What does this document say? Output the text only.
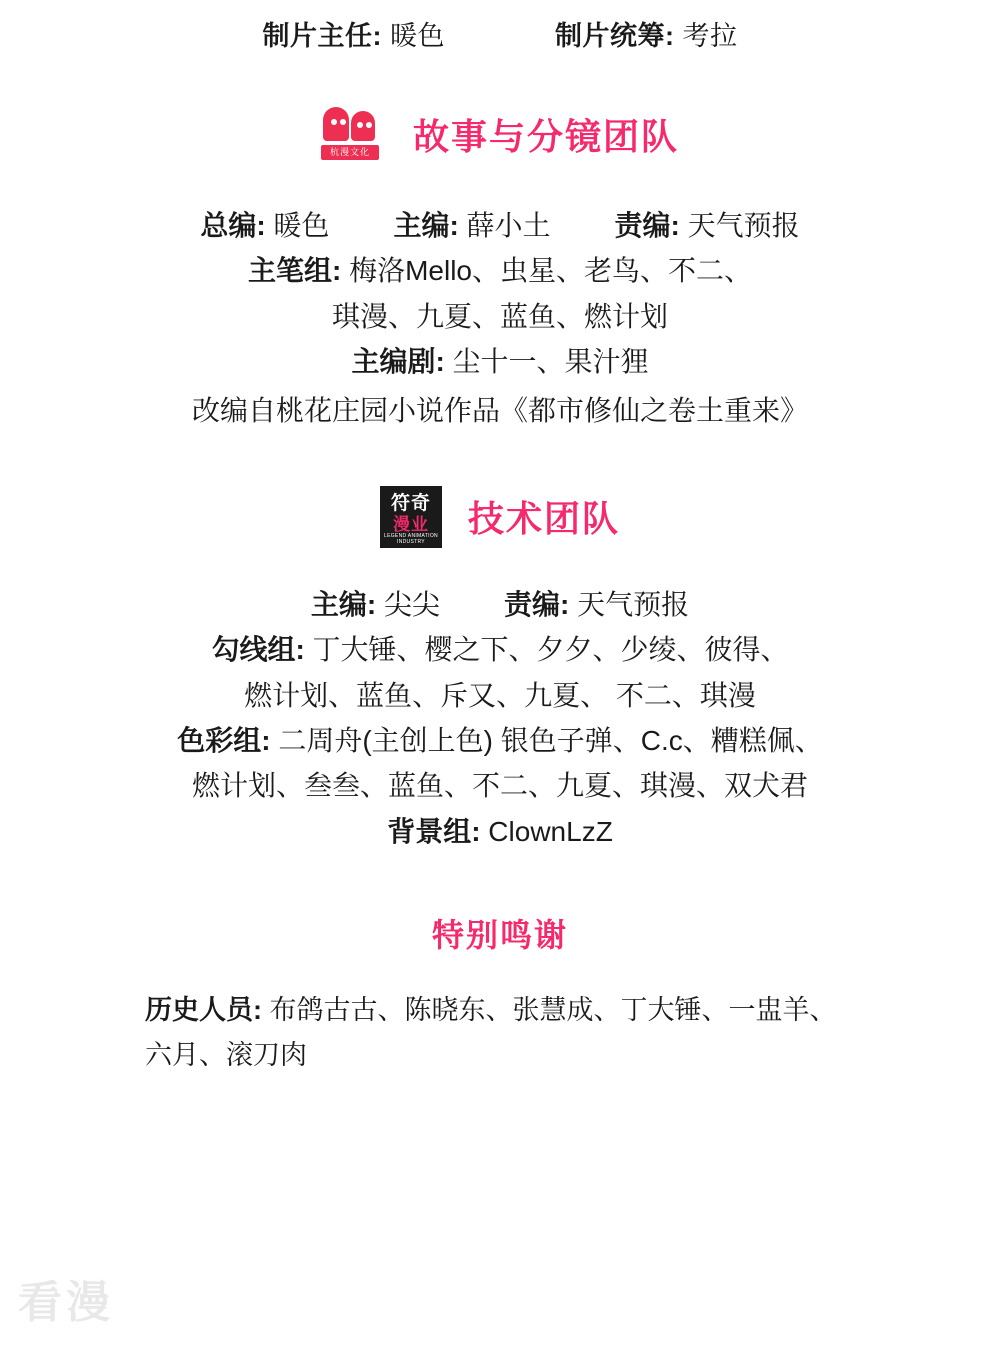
制片主任: 暖色	制片统筹: 考拉
杭漫文化 故事与分镜团队
总编: 暖色 主编: 薛小土 责编: 天气预报
主笔组: 梅洛Mello、虫星、老鸟、不二、
琪漫、九夏、蓝鱼、燃计划
主编剧: 尘十一、果汁狸
改编自桃花庄园小说作品《都市修仙之卷土重来》
符奇
漫业
LEGEND ANIMATION INDUSTRY
技术团队
主编: 尖尖 责编: 天气预报
勾线组: 丁大锤、樱之下、夕夕、少绫、彼得、
燃计划、蓝鱼、斥又、九夏、 不二、琪漫
色彩组: 二周舟(主创上色) 银色子弹、C.c、糟糕佩、
燃计划、叁叁、蓝鱼、不二、九夏、琪漫、双犬君
背景组: ClownLzZ
特别鸣谢
历史人员: 布鸽古古、陈晓东、张慧成、丁大锤、一盅羊、
六月、滚刀肉
看漫
